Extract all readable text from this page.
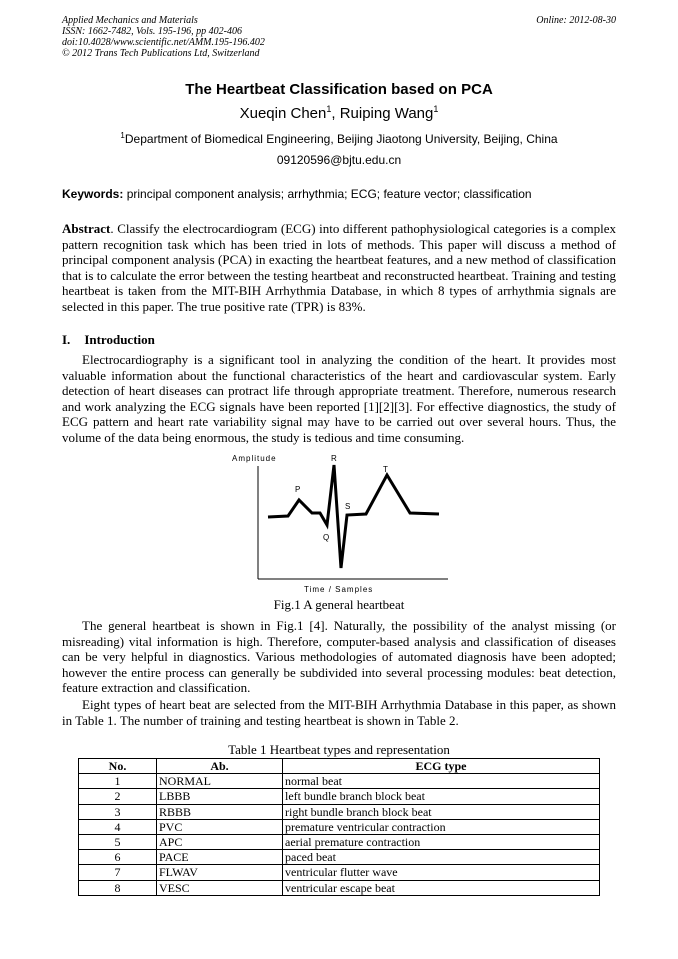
Applied Mechanics and Materials
ISSN: 1662-7482, Vols. 195-196, pp 402-406
doi:10.4028/www.scientific.net/AMM.195-196.402
© 2012 Trans Tech Publications Ltd, Switzerland
Online: 2012-08-30
The Heartbeat Classification based on PCA
Xueqin Chen$^1$, Ruiping Wang$^1$
$^1$Department of Biomedical Engineering, Beijing Jiaotong University, Beijing, China
09120596@bjtu.edu.cn
Keywords: principal component analysis; arrhythmia; ECG; feature vector; classification

Abstract. Classify the electrocardiogram (ECG) into different pathophysiological categories is a complex pattern recognition task which has been tried in lots of methods. This paper will discuss a method of principal component analysis (PCA) in exacting the heartbeat features, and a new method of classification that is to calculate the error between the testing heartbeat and reconstructed heartbeat. Training and testing heartbeat is taken from the MIT-BIH Arrhythmia Database, in which 8 types of arrhythmia signals are selected in this paper. The true positive rate (TPR) is 83%.

I. Introduction

Electrocardiography is a significant tool in analyzing the condition of the heart. It provides most valuable information about the functional characteristics of the heart and cardiovascular system. Early detection of heart diseases can protract life through appropriate treatment. Therefore, numerous research and work analyzing the ECG signals have been reported [1][2][3]. For effective diagnostics, the study of ECG pattern and heart rate variability signal may have to be carried out over several hours. Thus, the volume of the data being enormous, the study is tedious and time consuming.

Amplitude
Time / Samples
P
Q
R
S
T
Fig.1 A general heartbeat

The general heartbeat is shown in Fig.1 [4]. Naturally, the possibility of the analyst missing (or misreading) vital information is high. Therefore, computer-based analysis and classification of diseases can be very helpful in diagnostics. Various methodologies of automated diagnosis have been adopted; however the entire process can generally be subdivided into several processing modules: beat detection, feature extraction and classification.

Eight types of heart beat are selected from the MIT-BIH Arrhythmia Database in this paper, as shown in Table 1. The number of training and testing heartbeat is shown in Table 2.

Table 1 Heartbeat types and representation
No.	Ab.	ECG type
1	NORMAL	normal beat
2	LBBB	left bundle branch block beat
3	RBBB	right bundle branch block beat
4	PVC	premature ventricular contraction
5	APC	aerial premature contraction
6	PACE	paced beat
7	FLWAV	ventricular flutter wave
8	VESC	ventricular escape beat
